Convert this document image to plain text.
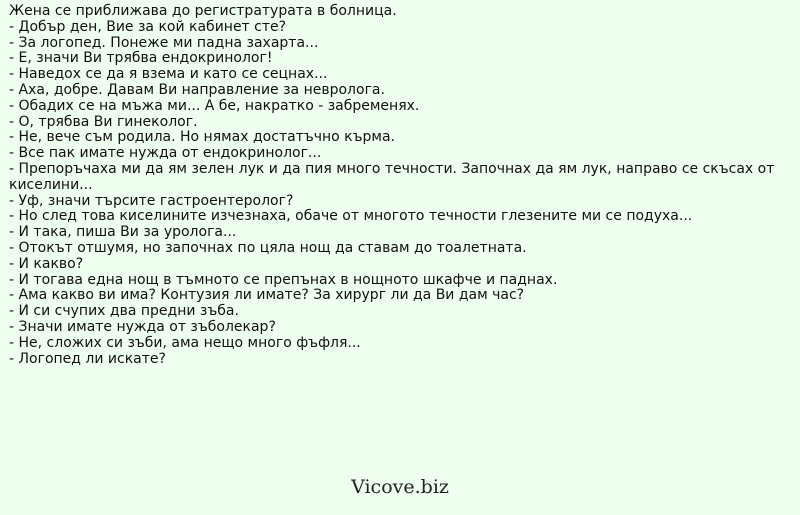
Жена се приближава до регистратурата в болница.
- Добър ден, Вие за кой кабинет сте?
- За логопед. Понеже ми падна захарта...
- Е, значи Ви трябва ендокринолог!
- Наведох се да я взема и като се сецнах...
- Аха, добре. Давам Ви направление за невролога.
- Обадих се на мъжа ми... А бе, накратко - забременях.
- О, трябва Ви гинеколог.
- Не, вече съм родила. Но нямах достатъчно кърма.
- Все пак имате нужда от ендокринолог...
- Препоръчаха ми да ям зелен лук и да пия много течности. Започнах да ям лук, направо се скъсах от киселини...
- Уф, значи търсите гастроентеролог?
- Но след това киселините изчезнаха, обаче от многото течности глезените ми се подуха...
- И така, пиша Ви за уролога...
- Отокът отшумя, но започнах по цяла нощ да ставам до тоалетната.
- И какво?
- И тогава една нощ в тъмното се препънах в нощното шкафче и паднах.
- Ама какво ви има? Контузия ли имате? За хирург ли да Ви дам час?
- И си счупих два предни зъба.
- Значи имате нужда от зъболекар?
- Не, сложих си зъби, ама нещо много фъфля...
- Логопед ли искате?
Vicove.biz
